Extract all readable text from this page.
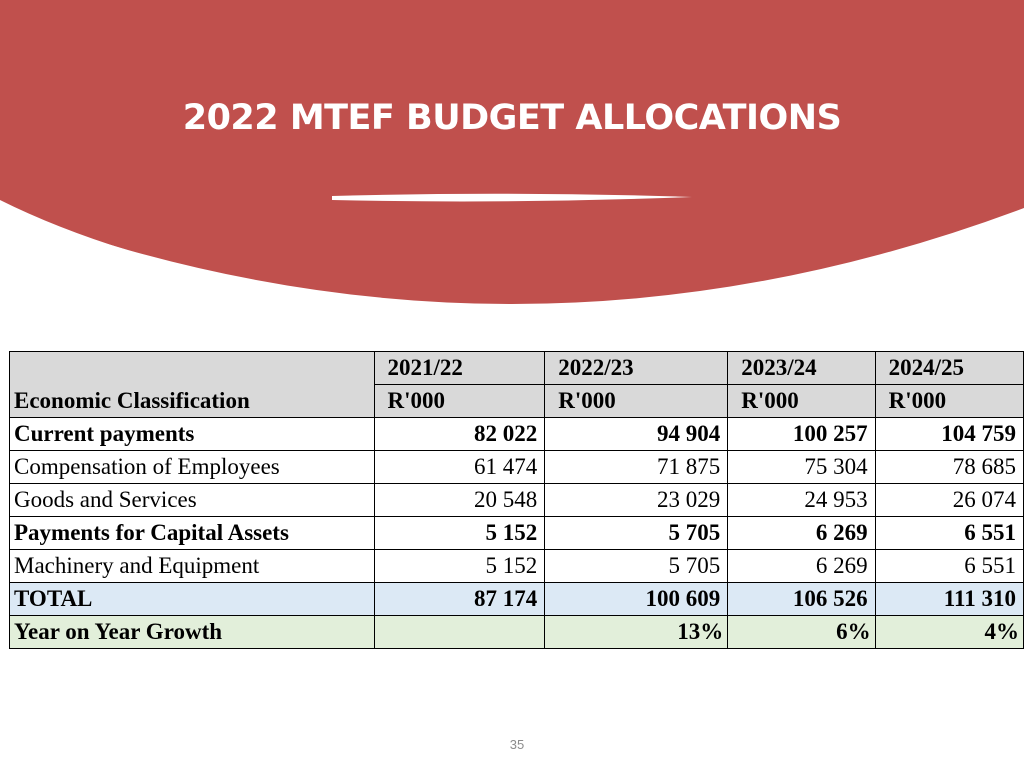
2022 MTEF BUDGET ALLOCATIONS
Economic Classification	2021/22	2022/23	2023/24	2024/25
	R'000	R'000	R'000	R'000
Current payments	82 022	94 904	100 257	104 759
Compensation of Employees	61 474	71 875	75 304	78 685
Goods and Services	20 548	23 029	24 953	26 074
Payments for Capital Assets	5 152	5 705	6 269	6 551
Machinery and Equipment	5 152	5 705	6 269	6 551
TOTAL	87 174	100 609	106 526	111 310
Year on Year Growth		13%	6%	4%
35
